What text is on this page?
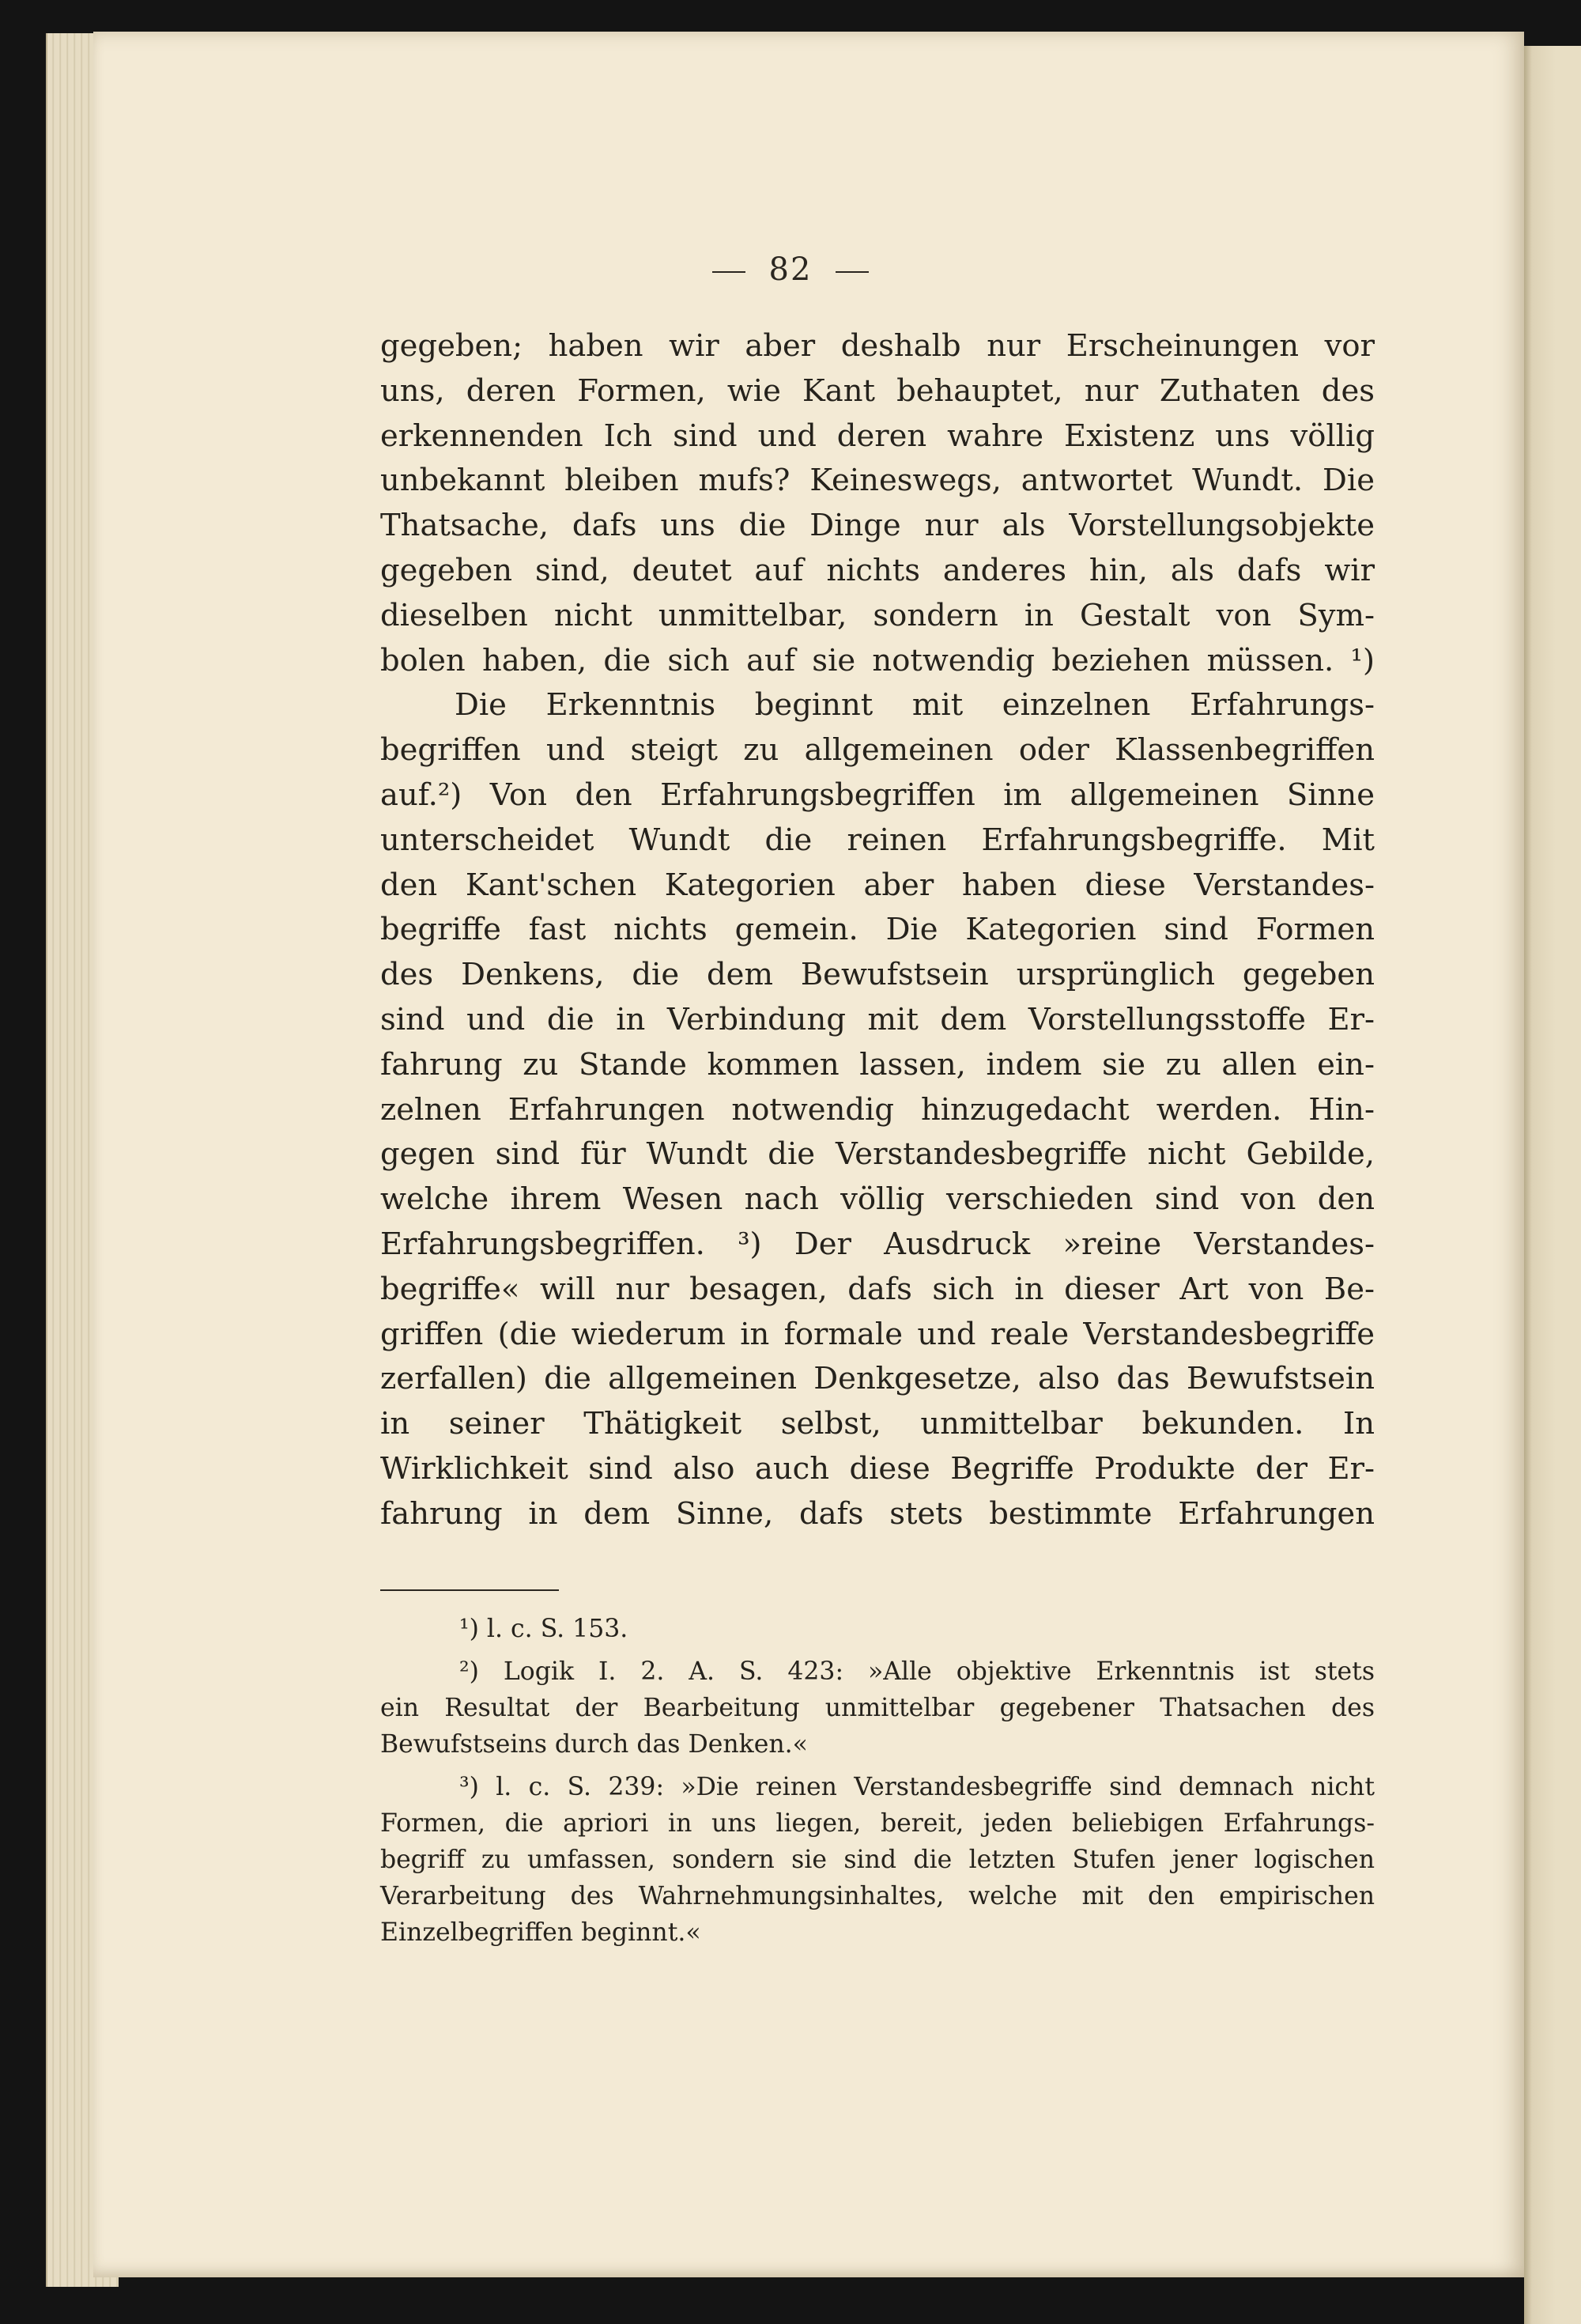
82
gegeben; haben wir aber deshalb nur Erscheinungen vor
uns, deren Formen, wie Kant behauptet, nur Zuthaten des
erkennenden Ich sind und deren wahre Existenz uns völlig
unbekannt bleiben mufs? Keineswegs, antwortet Wundt. Die
Thatsache, dafs uns die Dinge nur als Vorstellungsobjekte
gegeben sind, deutet auf nichts anderes hin, als dafs wir
dieselben nicht unmittelbar, sondern in Gestalt von Sym-
bolen haben, die sich auf sie notwendig beziehen müssen. ¹)
Die Erkenntnis beginnt mit einzelnen Erfahrungs-
begriffen und steigt zu allgemeinen oder Klassenbegriffen
auf.²) Von den Erfahrungsbegriffen im allgemeinen Sinne
unterscheidet Wundt die reinen Erfahrungsbegriffe. Mit
den Kant'schen Kategorien aber haben diese Verstandes-
begriffe fast nichts gemein. Die Kategorien sind Formen
des Denkens, die dem Bewufstsein ursprünglich gegeben
sind und die in Verbindung mit dem Vorstellungsstoffe Er-
fahrung zu Stande kommen lassen, indem sie zu allen ein-
zelnen Erfahrungen notwendig hinzugedacht werden. Hin-
gegen sind für Wundt die Verstandesbegriffe nicht Gebilde,
welche ihrem Wesen nach völlig verschieden sind von den
Erfahrungsbegriffen. ³) Der Ausdruck »reine Verstandes-
begriffe« will nur besagen, dafs sich in dieser Art von Be-
griffen (die wiederum in formale und reale Verstandesbegriffe
zerfallen) die allgemeinen Denkgesetze, also das Bewufstsein
in seiner Thätigkeit selbst, unmittelbar bekunden. In
Wirklichkeit sind also auch diese Begriffe Produkte der Er-
fahrung in dem Sinne, dafs stets bestimmte Erfahrungen
¹) l. c. S. 153.
²) Logik I. 2. A. S. 423: »Alle objektive Erkenntnis ist stets
ein Resultat der Bearbeitung unmittelbar gegebener Thatsachen des
Bewufstseins durch das Denken.«
³) l. c. S. 239: »Die reinen Verstandesbegriffe sind demnach nicht
Formen, die apriori in uns liegen, bereit, jeden beliebigen Erfahrungs-
begriff zu umfassen, sondern sie sind die letzten Stufen jener logischen
Verarbeitung des Wahrnehmungsinhaltes, welche mit den empirischen
Einzelbegriffen beginnt.«
